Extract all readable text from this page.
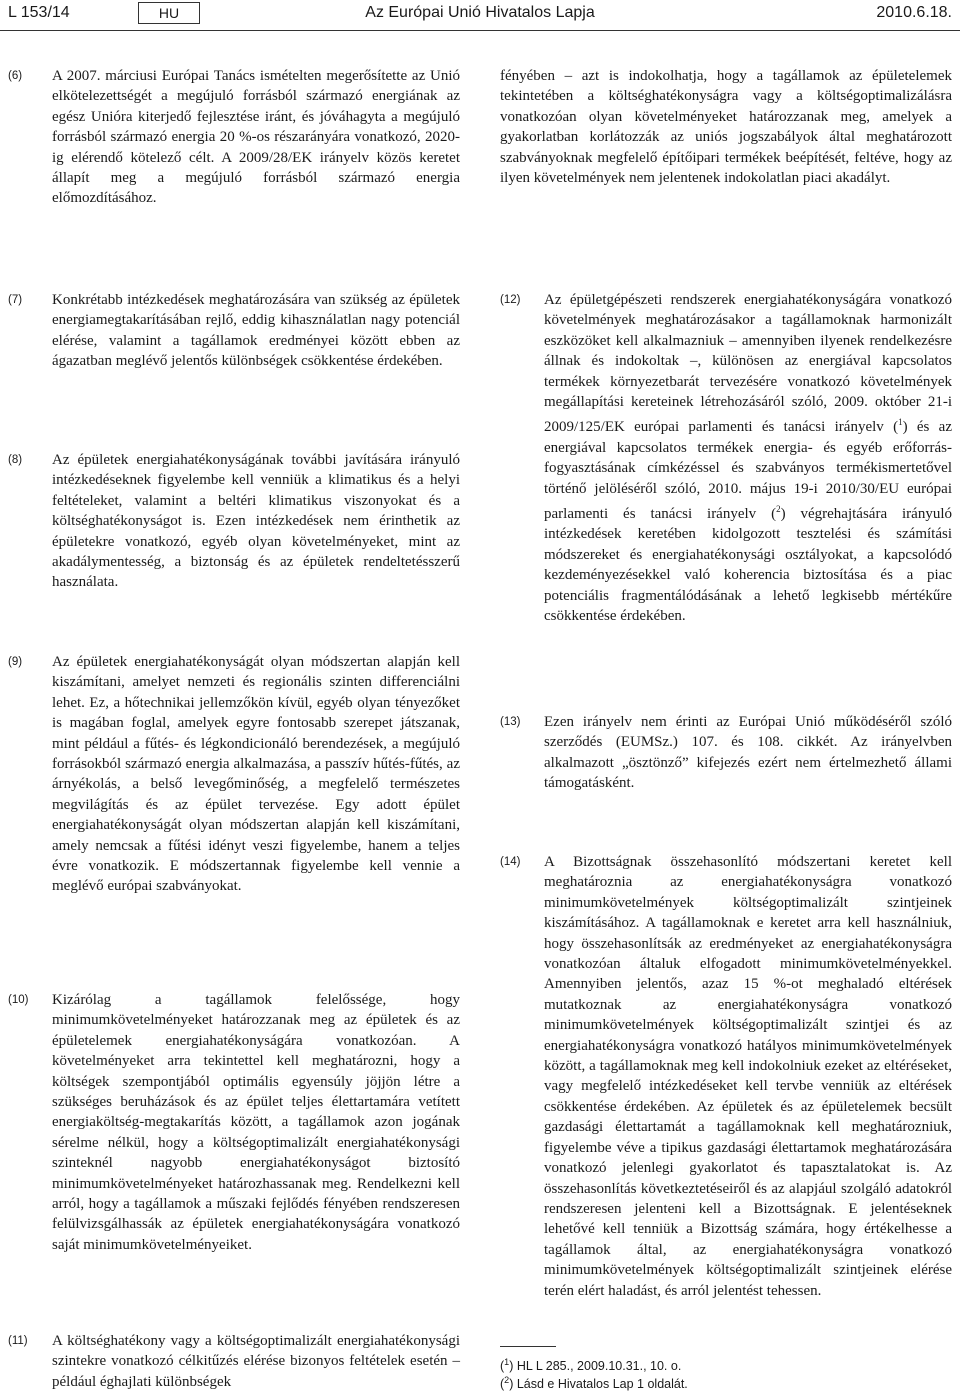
L 153/14	HU	Az Európai Unió Hivatalos Lapja	2010.6.18.
(6) A 2007. márciusi Európai Tanács ismételten megerősítette az Unió elkötelezettségét a megújuló forrásból származó energiának az egész Unióra kiterjedő fejlesztése iránt, és jóváhagyta a megújuló forrásból származó energia 20 %-os részarányára vonatkozó, 2020-ig elérendő kötelező célt. A 2009/28/EK irányelv közös keretet állapít meg a megújuló forrásból származó energia előmozdításához.
(7) Konkrétabb intézkedések meghatározására van szükség az épületek energiamegtakarításában rejlő, eddig kihasználatlan nagy potenciál elérése, valamint a tagállamok eredményei között ebben az ágazatban meglévő jelentős különbségek csökkentése érdekében.
(8) Az épületek energiahatékonyságának további javítására irányuló intézkedéseknek figyelembe kell venniük a klimatikus és a helyi feltételeket, valamint a beltéri klimatikus viszonyokat és a költséghatékonyságot is. Ezen intézkedések nem érinthetik az épületekre vonatkozó, egyéb olyan követelményeket, mint az akadálymentesség, a biztonság és az épületek rendeltetésszerű használata.
(9) Az épületek energiahatékonyságát olyan módszertan alapján kell kiszámítani, amelyet nemzeti és regionális szinten differenciálni lehet. Ez, a hőtechnikai jellemzőkön kívül, egyéb olyan tényezőket is magában foglal, amelyek egyre fontosabb szerepet játszanak, mint például a fűtés- és légkondicionáló berendezések, a megújuló forrásokból származó energia alkalmazása, a passzív hűtés-fűtés, az árnyékolás, a belső levegőminőség, a megfelelő természetes megvilágítás és az épület tervezése. Egy adott épület energiahatékonyságát olyan módszertan alapján kell kiszámítani, amely nemcsak a fűtési idényt veszi figyelembe, hanem a teljes évre vonatkozik. E módszertannak figyelembe kell vennie a meglévő európai szabványokat.
(10) Kizárólag a tagállamok felelőssége, hogy minimumkövetelményeket határozzanak meg az épületek és az épületelemek energiahatékonyságára vonatkozóan. A követelményeket arra tekintettel kell meghatározni, hogy a költségek szempontjából optimális egyensúly jöjjön létre a szükséges beruházások és az épület teljes élettartamára vetített energiaköltség-megtakarítás között, a tagállamok azon jogának sérelme nélkül, hogy a költségoptimalizált energiahatékonysági szinteknél nagyobb energiahatékonyságot biztosító minimumkövetelményeket határozhassanak meg. Rendelkezni kell arról, hogy a tagállamok a műszaki fejlődés fényében rendszeresen felülvizsgálhassák az épületek energiahatékonyságára vonatkozó saját minimumkövetelményeiket.
(11) A költséghatékony vagy a költségoptimalizált energiahatékonysági szintekre vonatkozó célkitűzés elérése bizonyos feltételek esetén – például éghajlati különbségek
fényében – azt is indokolhatja, hogy a tagállamok az épületelemek tekintetében a költséghatékonyságra vagy a költségoptimalizálásra vonatkozóan olyan követelményeket határozzanak meg, amelyek a gyakorlatban korlátozzák az uniós jogszabályok által meghatározott szabványoknak megfelelő építőipari termékek beépítését, feltéve, hogy az ilyen követelmények nem jelentenek indokolatlan piaci akadályt.
(12) Az épületgépészeti rendszerek energiahatékonyságára vonatkozó követelmények meghatározásakor a tagállamoknak harmonizált eszközöket kell alkalmazniuk – amennyiben ilyenek rendelkezésre állnak és indokoltak –, különösen az energiával kapcsolatos termékek környezetbarát tervezésére vonatkozó követelmények megállapítási kereteinek létrehozásáról szóló, 2009. október 21-i 2009/125/EK európai parlamenti és tanácsi irányelv ($^1$) és az energiával kapcsolatos termékek energia- és egyéb erőforrás-fogyasztásának címkézéssel és szabványos termékismertetővel történő jelöléséről szóló, 2010. május 19-i 2010/30/EU európai parlamenti és tanácsi irányelv ($^2$) végrehajtására irányuló intézkedések keretében kidolgozott tesztelési és számítási módszereket és energiahatékonysági osztályokat, a kapcsolódó kezdeményezésekkel való koherencia biztosítása és a piac potenciális fragmentálódásának a lehető legkisebb mértékűre csökkentése érdekében.
(13) Ezen irányelv nem érinti az Európai Unió működéséről szóló szerződés (EUMSz.) 107. és 108. cikkét. Az irányelvben alkalmazott „ösztönző” kifejezés ezért nem értelmezhető állami támogatásként.
(14) A Bizottságnak összehasonlító módszertani keretet kell meghatároznia az energiahatékonyságra vonatkozó minimumkövetelmények költségoptimalizált szintjeinek kiszámításához. A tagállamoknak e keretet arra kell használniuk, hogy összehasonlítsák az eredményeket az energiahatékonyságra vonatkozóan általuk elfogadott minimumkövetelményekkel. Amennyiben jelentős, azaz 15 %-ot meghaladó eltérések mutatkoznak az energiahatékonyságra vonatkozó minimumkövetelmények költségoptimalizált szintjei és az energiahatékonyságra vonatkozó hatályos minimumkövetelmények között, a tagállamoknak meg kell indokolniuk ezeket az eltéréseket, vagy megfelelő intézkedéseket kell tervbe venniük az eltérések csökkentése érdekében. Az épületek és az épületelemek becsült gazdasági élettartamát a tagállamoknak kell meghatározniuk, figyelembe véve a tipikus gazdasági élettartamok meghatározására vonatkozó jelenlegi gyakorlatot és tapasztalatokat is. Az összehasonlítás következtetéseiről és az alapjául szolgáló adatokról rendszeresen jelenteni kell a Bizottságnak. E jelentéseknek lehetővé kell tenniük a Bizottság számára, hogy értékelhesse a tagállamok által, az energiahatékonyságra vonatkozó minimumkövetelmények költségoptimalizált szintjeinek elérése terén elért haladást, és arról jelentést tehessen.
($^1$) HL L 285., 2009.10.31., 10. o.
($^2$) Lásd e Hivatalos Lap 1 oldalát.
